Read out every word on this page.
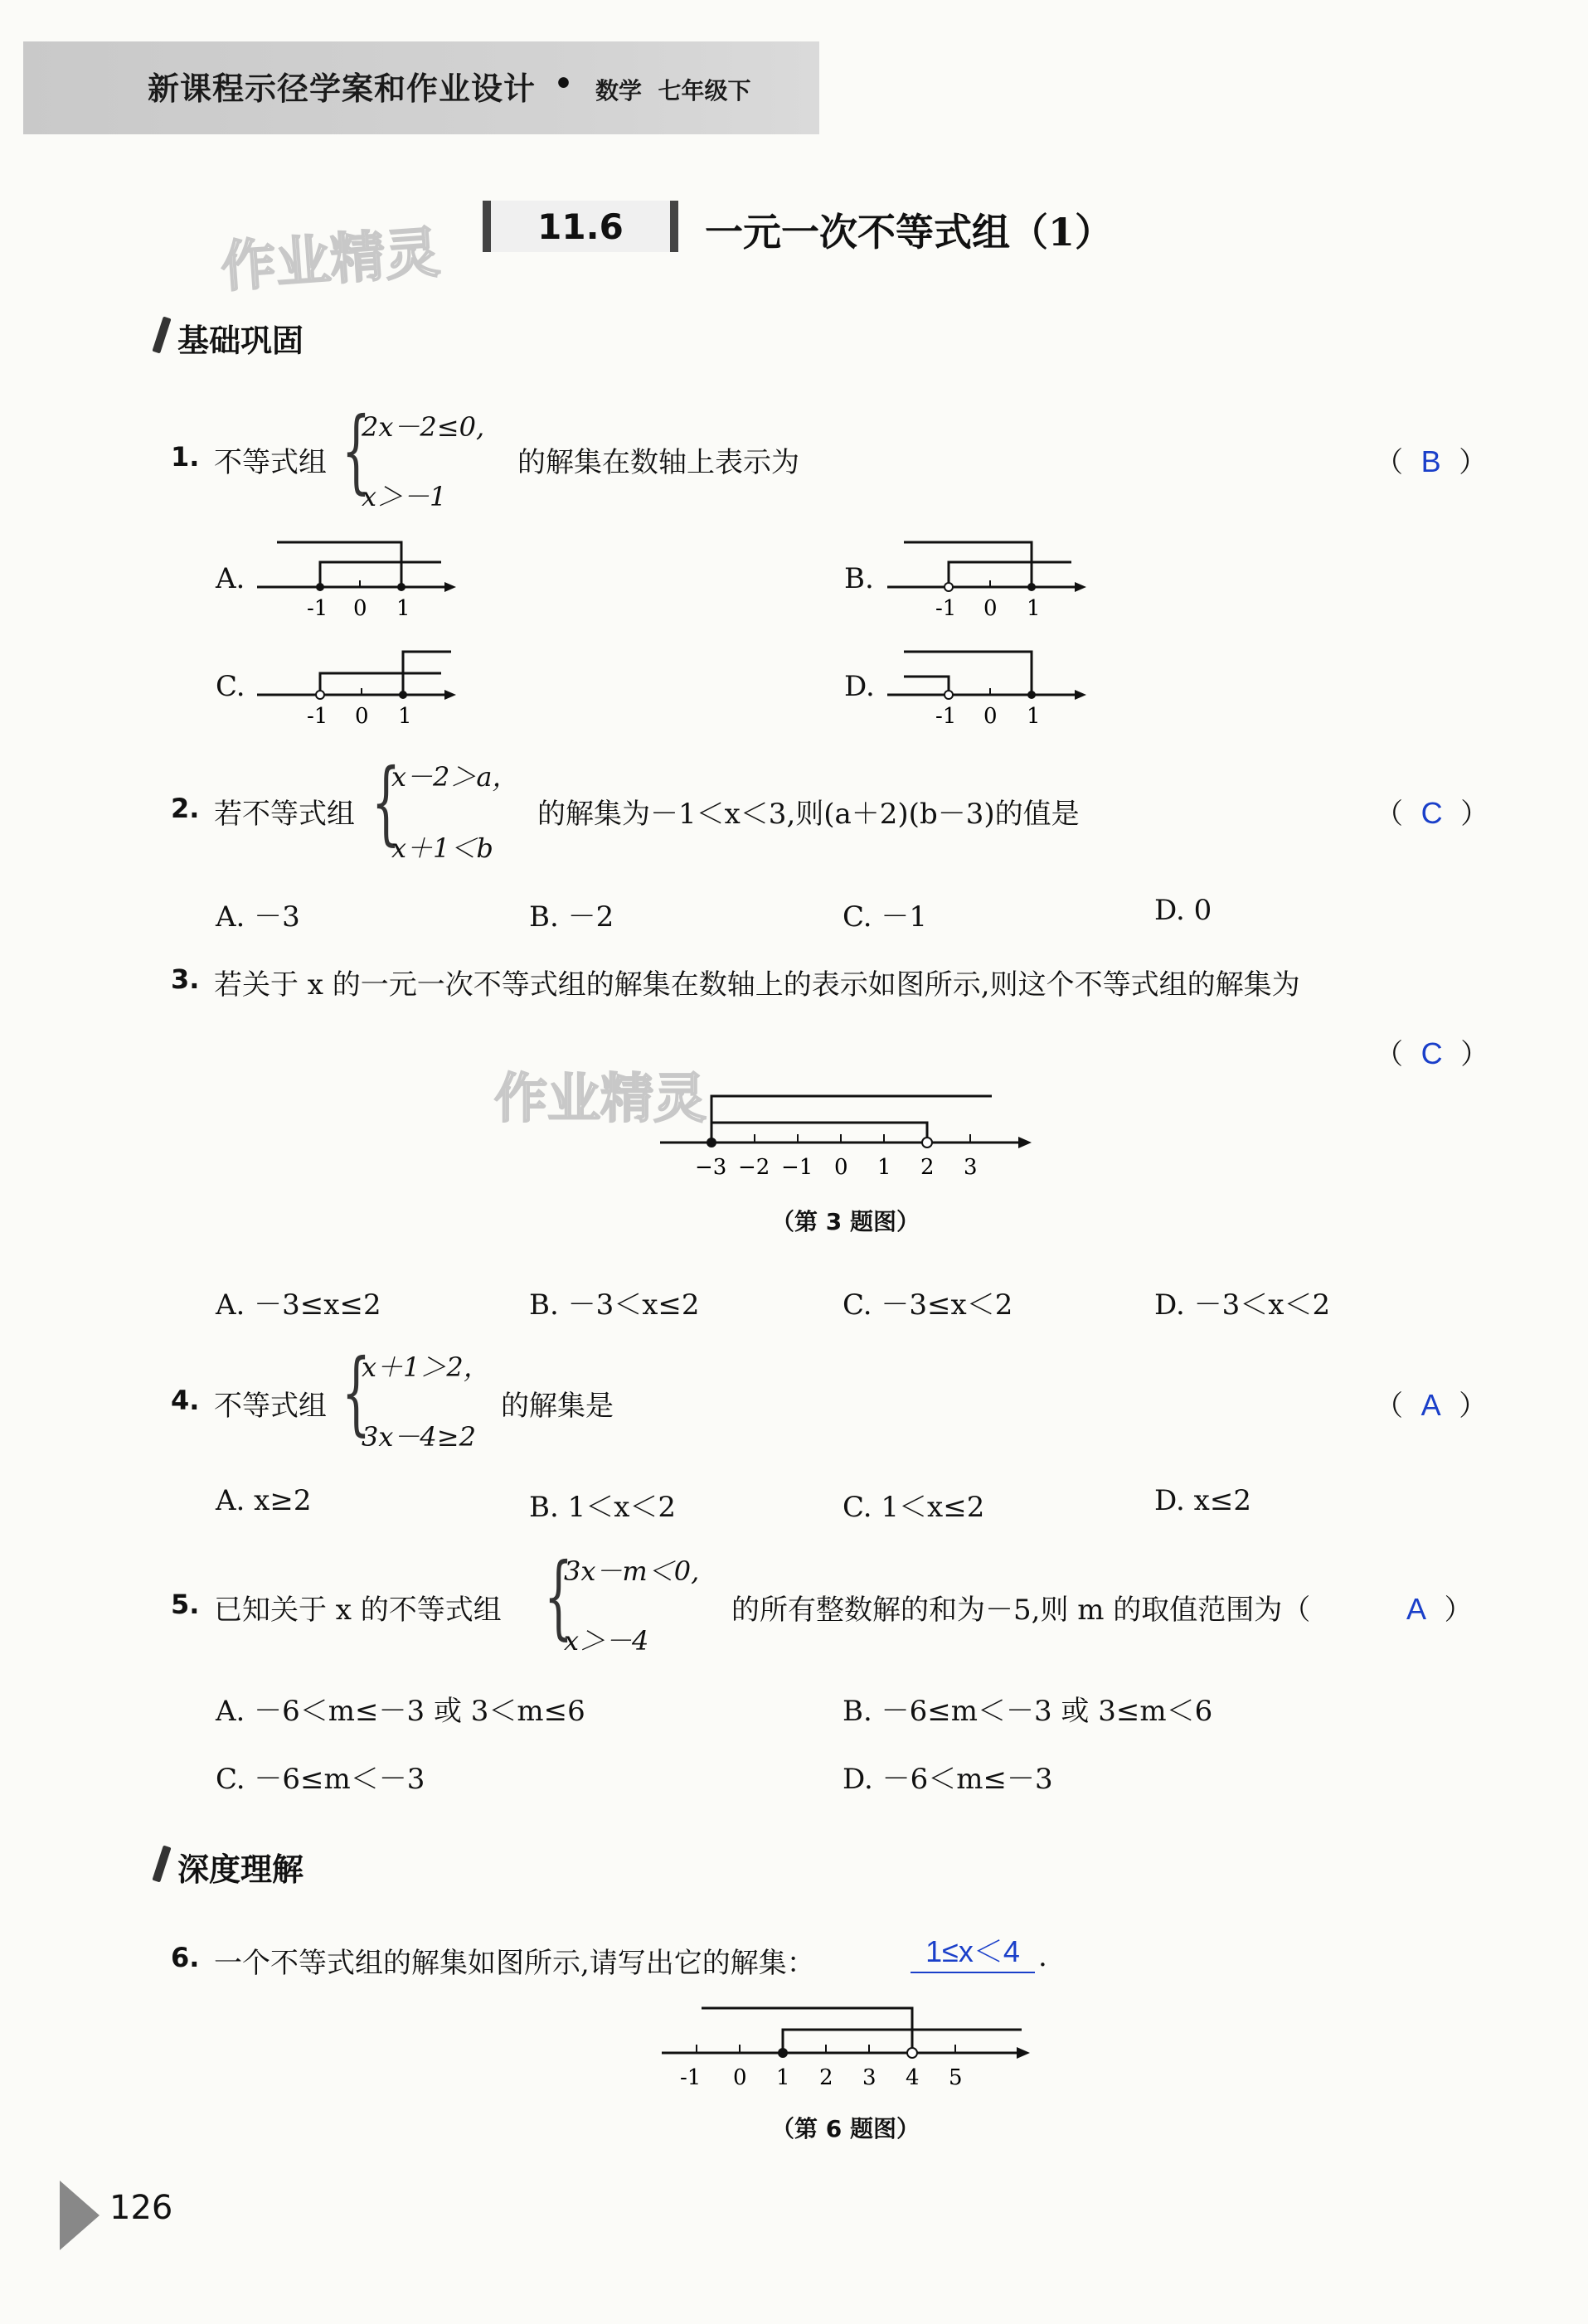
新课程示径学案和作业设计 • 数学 七年级下
作业精灵
作业精灵
11.6	一元一次不等式组（1）
基础巩固
1. 不等式组 {
2x－2≤0,
x＞－1
的解集在数轴上表示为	（ B ）
A.	B.
C.	D.
-1 0 1	-1 0 1
-1 0 1	-1 0 1
2. 若不等式组 {
x－2＞a，
x＋1＜b
的解集为－1＜x＜3,则(a＋2)(b－3)的值是	（ C ）
A. －3	B. －2	C. －1	D. 0
3. 若关于 x 的一元一次不等式组的解集在数轴上的表示如图所示,则这个不等式组的解集为
（ C ）
−3 −2 −1 0 1 2 3
（第 3 题图）
A. －3≤x≤2	B. －3＜x≤2	C. －3≤x＜2	D. －3＜x＜2
4. 不等式组 {
x＋1＞2，
3x－4≥2
的解集是	（ A ）
A. x≥2	B. 1＜x＜2	C. 1＜x≤2	D. x≤2
5. 已知关于 x 的不等式组 {
3x－m＜0,
x＞－4
的所有整数解的和为－5,则 m 的取值范围为（	A ）
A. －6＜m≤－3 或 3＜m≤6	B. －6≤m＜－3 或 3≤m＜6
C. －6≤m＜－3	D. －6＜m≤－3
深度理解
6. 一个不等式组的解集如图所示,请写出它的解集：	1≤x＜4 .
-1 0 1 2 3 4 5
（第 6 题图）
126
